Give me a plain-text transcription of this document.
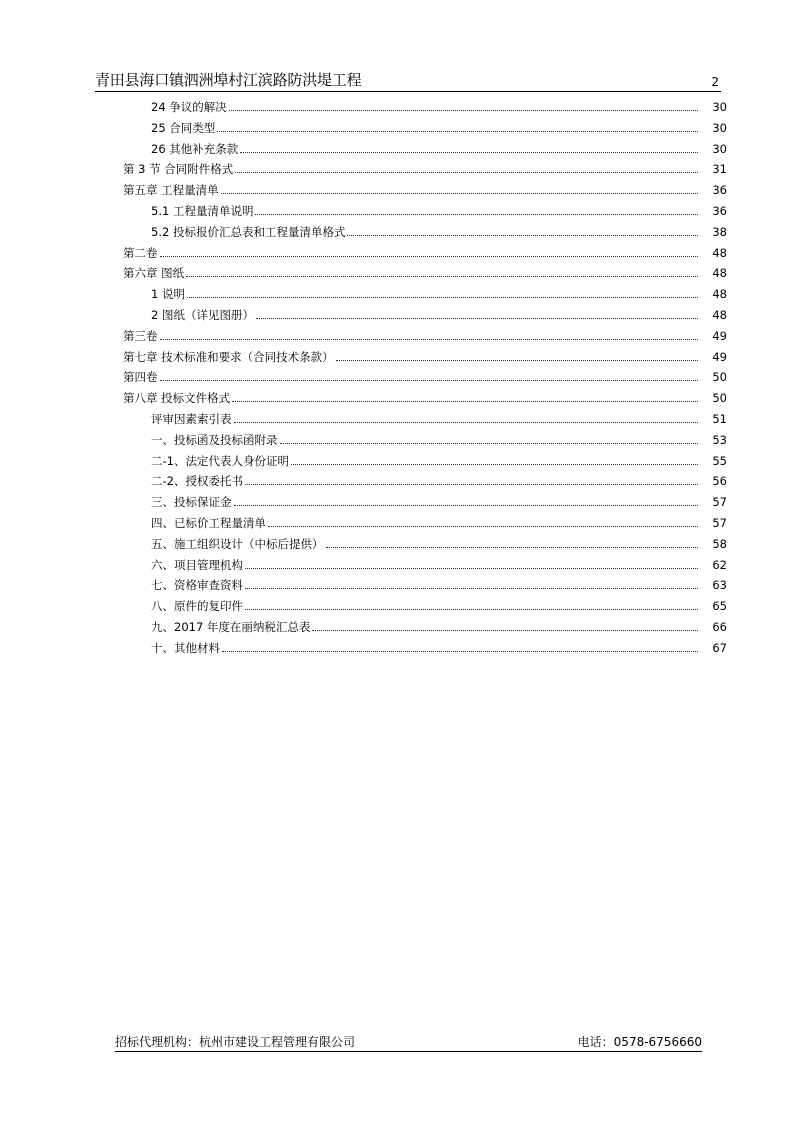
青田县海口镇泗洲埠村江滨路防洪堤工程	2
24 争议的解决	30
25 合同类型	30
26 其他补充条款	30
第 3 节 合同附件格式	31
第五章 工程量清单	36
5.1 工程量清单说明	36
5.2 投标报价汇总表和工程量清单格式	38
第二卷	48
第六章 图纸	48
1 说明	48
2 图纸（详见图册）	48
第三卷	49
第七章 技术标准和要求（合同技术条款）	49
第四卷	50
第八章 投标文件格式	50
评审因素索引表	51
一、投标函及投标函附录	53
二-1、法定代表人身份证明	55
二-2、授权委托书	56
三、投标保证金	57
四、已标价工程量清单	57
五、施工组织设计（中标后提供）	58
六、项目管理机构	62
七、资格审查资料	63
八、原件的复印件	65
九、2017 年度在丽纳税汇总表	66
十、其他材料	67
招标代理机构：杭州市建设工程管理有限公司	电话：0578-6756660
